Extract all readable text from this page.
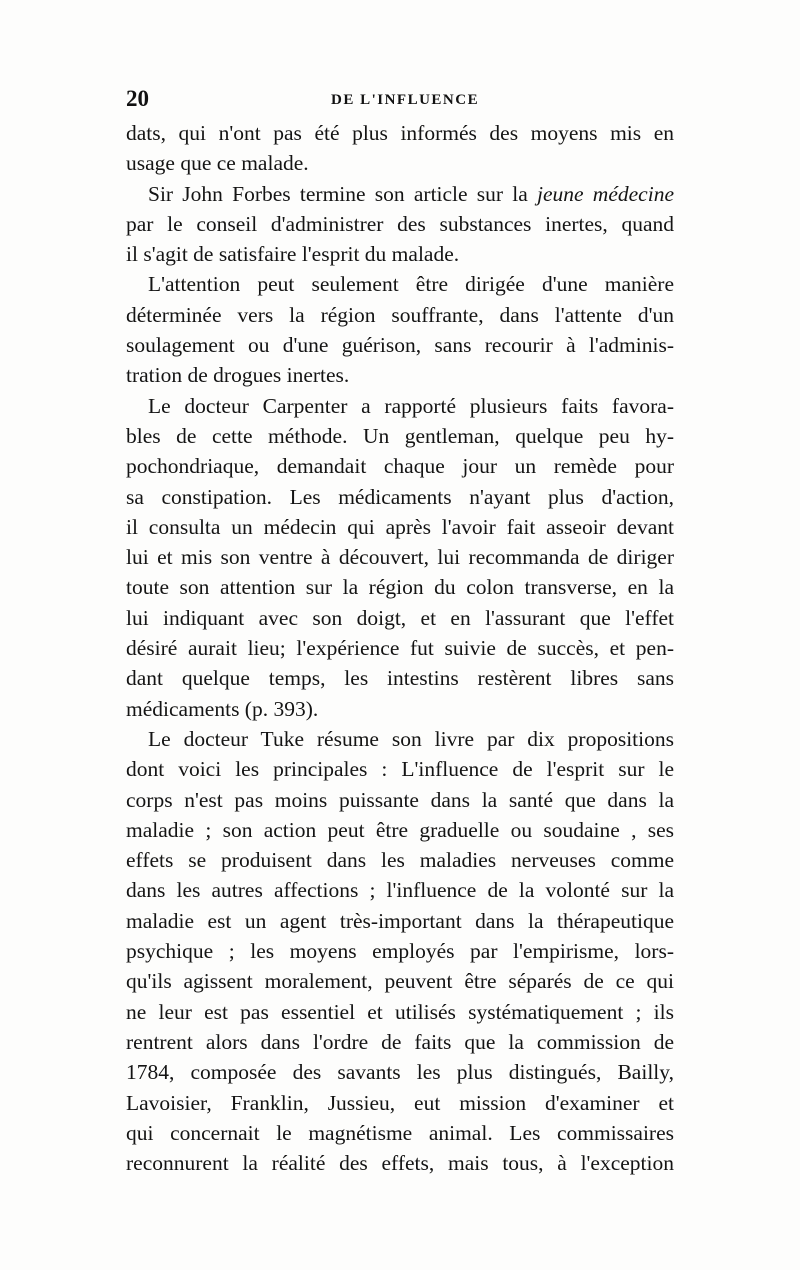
20	DE L'INFLUENCE
dats, qui n'ont pas été plus informés des moyens mis en
usage que ce malade.
Sir John Forbes termine son article sur la jeune médecine
par le conseil d'administrer des substances inertes, quand
il s'agit de satisfaire l'esprit du malade.
L'attention peut seulement être dirigée d'une manière
déterminée vers la région souffrante, dans l'attente d'un
soulagement ou d'une guérison, sans recourir à l'adminis-
tration de drogues inertes.
Le docteur Carpenter a rapporté plusieurs faits favora-
bles de cette méthode. Un gentleman, quelque peu hy-
pochondriaque, demandait chaque jour un remède pour
sa constipation. Les médicaments n'ayant plus d'action,
il consulta un médecin qui après l'avoir fait asseoir devant
lui et mis son ventre à découvert, lui recommanda de diriger
toute son attention sur la région du colon transverse, en la
lui indiquant avec son doigt, et en l'assurant que l'effet
désiré aurait lieu; l'expérience fut suivie de succès, et pen-
dant quelque temps, les intestins restèrent libres sans
médicaments (p. 393).
Le docteur Tuke résume son livre par dix propositions
dont voici les principales : L'influence de l'esprit sur le
corps n'est pas moins puissante dans la santé que dans la
maladie ; son action peut être graduelle ou soudaine , ses
effets se produisent dans les maladies nerveuses comme
dans les autres affections ; l'influence de la volonté sur la
maladie est un agent très-important dans la thérapeutique
psychique ; les moyens employés par l'empirisme, lors-
qu'ils agissent moralement, peuvent être séparés de ce qui
ne leur est pas essentiel et utilisés systématiquement ; ils
rentrent alors dans l'ordre de faits que la commission de
1784, composée des savants les plus distingués, Bailly,
Lavoisier, Franklin, Jussieu, eut mission d'examiner et
qui concernait le magnétisme animal. Les commissaires
reconnurent la réalité des effets, mais tous, à l'exception
